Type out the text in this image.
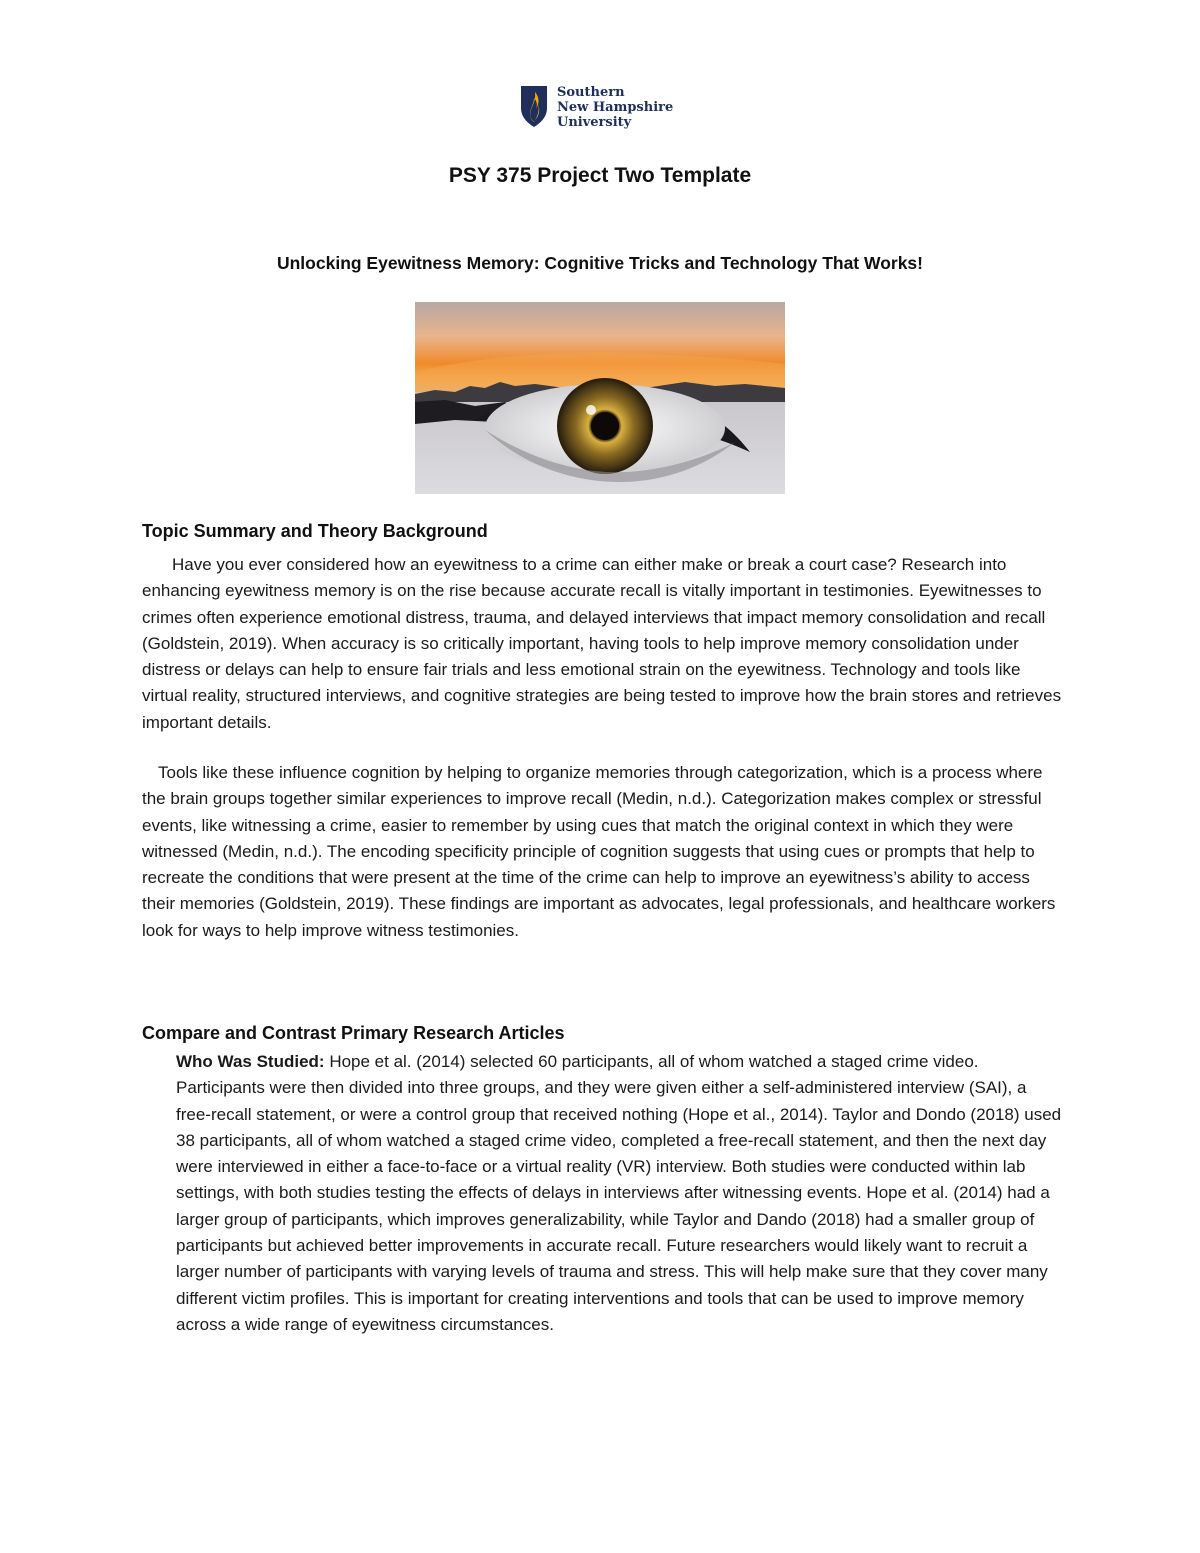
Southern
New Hampshire
University
PSY 375 Project Two Template
Unlocking Eyewitness Memory: Cognitive Tricks and Technology That Works!
Topic Summary and Theory Background

Have you ever considered how an eyewitness to a crime can either make or break a court case? Research into enhancing eyewitness memory is on the rise because accurate recall is vitally important in testimonies. Eyewitnesses to crimes often experience emotional distress, trauma, and delayed interviews that impact memory consolidation and recall (Goldstein, 2019). When accuracy is so critically important, having tools to help improve memory consolidation under distress or delays can help to ensure fair trials and less emotional strain on the eyewitness. Technology and tools like virtual reality, structured interviews, and cognitive strategies are being tested to improve how the brain stores and retrieves important details.

Tools like these influence cognition by helping to organize memories through categorization, which is a process where the brain groups together similar experiences to improve recall (Medin, n.d.). Categorization makes complex or stressful events, like witnessing a crime, easier to remember by using cues that match the original context in which they were witnessed (Medin, n.d.). The encoding specificity principle of cognition suggests that using cues or prompts that help to recreate the conditions that were present at the time of the crime can help to improve an eyewitness’s ability to access their memories (Goldstein, 2019). These findings are important as advocates, legal professionals, and healthcare workers look for ways to help improve witness testimonies.

Compare and Contrast Primary Research Articles

Who Was Studied: Hope et al. (2014) selected 60 participants, all of whom watched a staged crime video. Participants were then divided into three groups, and they were given either a self-administered interview (SAI), a free-recall statement, or were a control group that received nothing (Hope et al., 2014). Taylor and Dondo (2018) used 38 participants, all of whom watched a staged crime video, completed a free-recall statement, and then the next day were interviewed in either a face-to-face or a virtual reality (VR) interview. Both studies were conducted within lab settings, with both studies testing the effects of delays in interviews after witnessing events. Hope et al. (2014) had a larger group of participants, which improves generalizability, while Taylor and Dando (2018) had a smaller group of participants but achieved better improvements in accurate recall. Future researchers would likely want to recruit a larger number of participants with varying levels of trauma and stress. This will help make sure that they cover many different victim profiles. This is important for creating interventions and tools that can be used to improve memory across a wide range of eyewitness circumstances.
